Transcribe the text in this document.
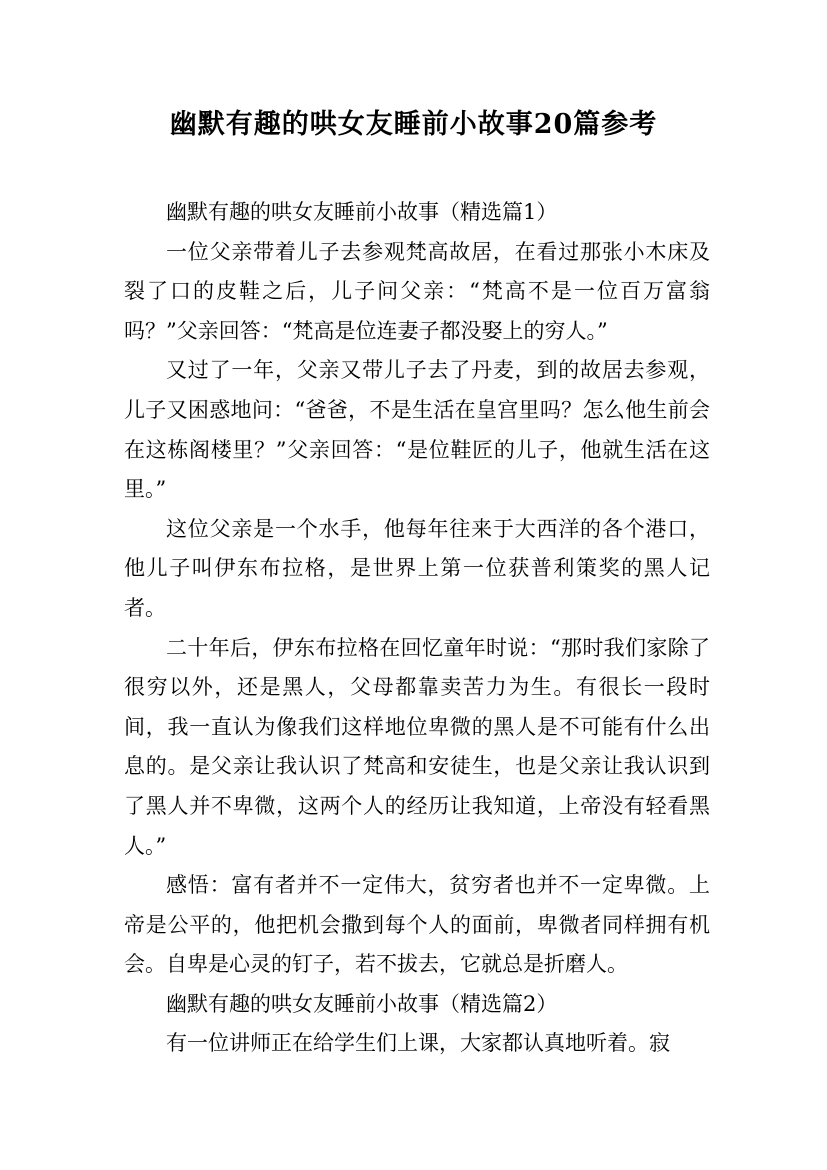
幽默有趣的哄女友睡前小故事20篇参考

幽默有趣的哄女友睡前小故事（精选篇1）

一位父亲带着儿子去参观梵高故居，在看过那张小木床及裂了口的皮鞋之后，儿子问父亲：“梵高不是一位百万富翁吗？”父亲回答：“梵高是位连妻子都没娶上的穷人。”

又过了一年，父亲又带儿子去了丹麦，到的故居去参观，儿子又困惑地问：“爸爸，不是生活在皇宫里吗？怎么他生前会在这栋阁楼里？”父亲回答：“是位鞋匠的儿子，他就生活在这里。”

这位父亲是一个水手，他每年往来于大西洋的各个港口，他儿子叫伊东布拉格，是世界上第一位获普利策奖的黑人记者。

二十年后，伊东布拉格在回忆童年时说：“那时我们家除了很穷以外，还是黑人，父母都靠卖苦力为生。有很长一段时间，我一直认为像我们这样地位卑微的黑人是不可能有什么出息的。是父亲让我认识了梵高和安徒生，也是父亲让我认识到了黑人并不卑微，这两个人的经历让我知道，上帝没有轻看黑人。”

感悟：富有者并不一定伟大，贫穷者也并不一定卑微。上帝是公平的，他把机会撒到每个人的面前，卑微者同样拥有机会。自卑是心灵的钉子，若不拔去，它就总是折磨人。

幽默有趣的哄女友睡前小故事（精选篇2）

有一位讲师正在给学生们上课，大家都认真地听着。寂
